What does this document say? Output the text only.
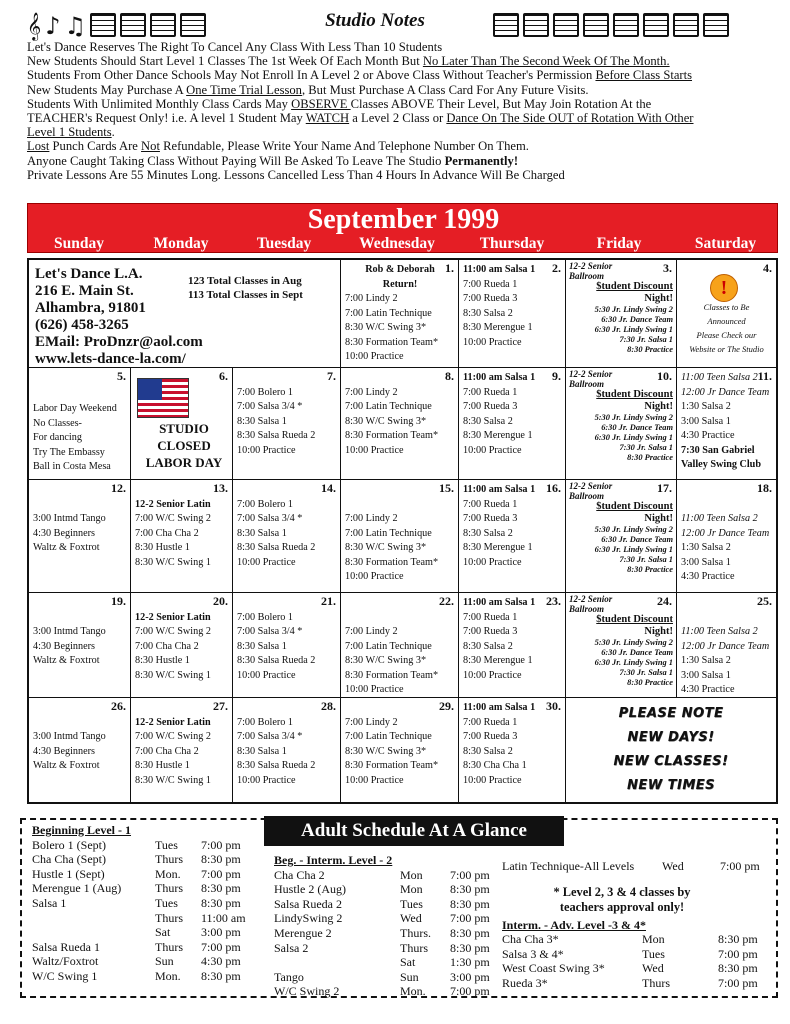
𝄞 ♪ ♫	Studio Notes
Let's Dance Reserves The Right To Cancel Any Class With Less Than 10 Students
New Students Should Start Level 1 Classes The 1st Week Of Each Month But No Later Than The Second Week Of The Month.
Students From Other Dance Schools May Not Enroll In A Level 2 or Above Class Without Teacher's Permission Before Class Starts
New Students May Purchase A One Time Trial Lesson, But Must Purchase A Class Card For Any Future Visits.
Students With Unlimited Monthly Class Cards May OBSERVE Classes ABOVE Their Level, But May Join Rotation At the
TEACHER's Request Only! i.e. A level 1 Student May WATCH a Level 2 Class or Dance On The Side OUT of Rotation With Other
Level 1 Students.
Lost Punch Cards Are Not Refundable, Please Write Your Name And Telephone Number On Them.
Anyone Caught Taking Class Without Paying Will Be Asked To Leave The Studio Permanently!
Private Lessons Are 55 Minutes Long. Lessons Cancelled Less Than 4 Hours In Advance Will Be Charged
September 1999
Sunday	Monday	Tuesday	Wednesday	Thursday	Friday	Saturday
Let's Dance L.A.
216 E. Main St.
Alhambra, 91801
(626) 458-3265
EMail: ProDnzr@aol.com
www.lets-dance-la.com/
123 Total Classes in Aug
113 Total Classes in Sept
1.
Rob & Deborah
Return!
7:00 Lindy 2
7:00 Latin Technique
8:30 W/C Swing 3*
8:30 Formation Team*
10:00 Practice
2.
11:00 am Salsa 1
7:00 Rueda 1
7:00 Rueda 3
8:30 Salsa 2
8:30 Merengue 1
10:00 Practice
3.
12-2 Senior
Ballroom
$tudent Discount
Night!
5:30 Jr. Lindy Swing 2
6:30 Jr. Dance Team
6:30 Jr. Lindy Swing 1
7:30 Jr. Salsa 1
8:30 Practice
4.
!
Classes to Be
Announced
Please Check our
Website or The Studio
5.
Labor Day Weekend
No Classes-
For dancing
Try The Embassy
Ball in Costa Mesa
6.
STUDIO
CLOSED
LABOR DAY
7.

7:00 Bolero 1
7:00 Salsa 3/4 *
8:30 Salsa 1
8:30 Salsa Rueda 2
10:00 Practice
8.

7:00 Lindy 2
7:00 Latin Technique
8:30 W/C Swing 3*
8:30 Formation Team*
10:00 Practice
9.
11:00 am Salsa 1
7:00 Rueda 1
7:00 Rueda 3
8:30 Salsa 2
8:30 Merengue 1
10:00 Practice
10.
12-2 Senior
Ballroom
$tudent Discount
Night!
5:30 Jr. Lindy Swing 2
6:30 Jr. Dance Team
6:30 Jr. Lindy Swing 1
7:30 Jr. Salsa 1
8:30 Practice
11.
11:00 Teen Salsa 2
12:00 Jr Dance Team
1:30 Salsa 2
3:00 Salsa 1
4:30 Practice
7:30 San Gabriel
Valley Swing Club
12.

3:00 Intmd Tango
4:30 Beginners
Waltz & Foxtrot
13.

12-2 Senior Latin
7:00 W/C Swing 2
7:00 Cha Cha 2
8:30 Hustle 1
8:30 W/C Swing 1
14.

7:00 Bolero 1
7:00 Salsa 3/4 *
8:30 Salsa 1
8:30 Salsa Rueda 2
10:00 Practice
15.

7:00 Lindy 2
7:00 Latin Technique
8:30 W/C Swing 3*
8:30 Formation Team*
10:00 Practice
16.
11:00 am Salsa 1
7:00 Rueda 1
7:00 Rueda 3
8:30 Salsa 2
8:30 Merengue 1
10:00 Practice
17.
12-2 Senior
Ballroom
$tudent Discount
Night!
5:30 Jr. Lindy Swing 2
6:30 Jr. Dance Team
6:30 Jr. Lindy Swing 1
7:30 Jr. Salsa 1
8:30 Practice
18.

11:00 Teen Salsa 2
12:00 Jr Dance Team
1:30 Salsa 2
3:00 Salsa 1
4:30 Practice
19.

3:00 Intmd Tango
4:30 Beginners
Waltz & Foxtrot
20.

12-2 Senior Latin
7:00 W/C Swing 2
7:00 Cha Cha 2
8:30 Hustle 1
8:30 W/C Swing 1
21.

7:00 Bolero 1
7:00 Salsa 3/4 *
8:30 Salsa 1
8:30 Salsa Rueda 2
10:00 Practice
22.

7:00 Lindy 2
7:00 Latin Technique
8:30 W/C Swing 3*
8:30 Formation Team*
10:00 Practice
23.
11:00 am Salsa 1
7:00 Rueda 1
7:00 Rueda 3
8:30 Salsa 2
8:30 Merengue 1
10:00 Practice
24.
12-2 Senior
Ballroom
$tudent Discount
Night!
5:30 Jr. Lindy Swing 2
6:30 Jr. Dance Team
6:30 Jr. Lindy Swing 1
7:30 Jr. Salsa 1
8:30 Practice
25.

11:00 Teen Salsa 2
12:00 Jr Dance Team
1:30 Salsa 2
3:00 Salsa 1
4:30 Practice
26.

3:00 Intmd Tango
4:30 Beginners
Waltz & Foxtrot
27.

12-2 Senior Latin
7:00 W/C Swing 2
7:00 Cha Cha 2
8:30 Hustle 1
8:30 W/C Swing 1
28.

7:00 Bolero 1
7:00 Salsa 3/4 *
8:30 Salsa 1
8:30 Salsa Rueda 2
10:00 Practice
29.

7:00 Lindy 2
7:00 Latin Technique
8:30 W/C Swing 3*
8:30 Formation Team*
10:00 Practice
30.
11:00 am Salsa 1
7:00 Rueda 1
7:00 Rueda 3
8:30 Salsa 2
8:30 Cha Cha 1
10:00 Practice
PLEASE NOTE
NEW DAYS!
NEW CLASSES!
NEW TIMES
Adult Schedule At A Glance
Beginning Level - 1
Bolero 1 (Sept)	Tues	7:00 pm
Cha Cha (Sept)	Thurs	8:30 pm
Hustle 1 (Sept)	Mon.	7:00 pm
Merengue 1 (Aug)	Thurs	8:30 pm
Salsa 1	Tues	8:30 pm

Thurs	11:00 am

Sat	3:00 pm
Salsa Rueda 1	Thurs	7:00 pm
Waltz/Foxtrot	Sun	4:30 pm
W/C Swing 1	Mon.	8:30 pm
Beg. - Interm. Level - 2
Cha Cha 2	Mon	7:00 pm
Hustle 2 (Aug)	Mon	8:30 pm
Salsa Rueda 2	Tues	8:30 pm
LindySwing 2	Wed	7:00 pm
Merengue 2	Thurs.	8:30 pm
Salsa 2	Thurs	8:30 pm

Sat	1:30 pm
Tango	Sun	3:00 pm
W/C Swing 2	Mon.	7:00 pm
Latin Technique-All Levels	Wed	7:00 pm
* Level 2, 3 & 4 classes by
teachers approval only!
Interm. - Adv. Level -3 & 4*
Cha Cha 3*	Mon	8:30 pm
Salsa 3 & 4*	Tues	7:00 pm
West Coast Swing 3*	Wed	8:30 pm
Rueda 3*	Thurs	7:00 pm
